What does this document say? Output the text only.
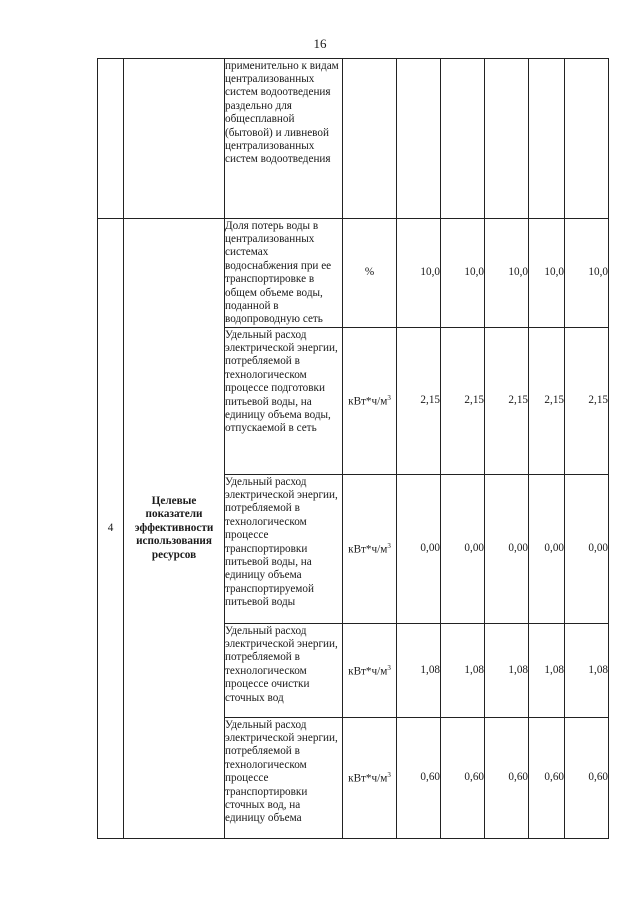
16

		применительно к видам централизованных систем водоотведения раздельно для общесплавной (бытовой) и ливневой централизованных систем водоотведения						

4	Целевые показатели эффективности использования ресурсов	Доля потерь воды в централизованных системах водоснабжения при ее транспортировке в общем объеме воды, поданной в водопроводную сеть	%	10,0	10,0	10,0	10,0	10,0

		Удельный расход электрической энергии, потребляемой в технологическом процессе подготовки питьевой воды, на единицу объема воды, отпускаемой в сеть	$кВт*ч/м^3$	2,15	2,15	2,15	2,15	2,15

		Удельный расход электрической энергии, потребляемой в технологическом процессе транспортировки питьевой воды, на единицу объема транспортируемой питьевой воды	$кВт*ч/м^3$	0,00	0,00	0,00	0,00	0,00

		Удельный расход электрической энергии, потребляемой в технологическом процессе очистки сточных вод	$кВт*ч/м^3$	1,08	1,08	1,08	1,08	1,08

		Удельный расход электрической энергии, потребляемой в технологическом процессе транспортировки сточных вод, на единицу объема	$кВт*ч/м^3$	0,60	0,60	0,60	0,60	0,60
